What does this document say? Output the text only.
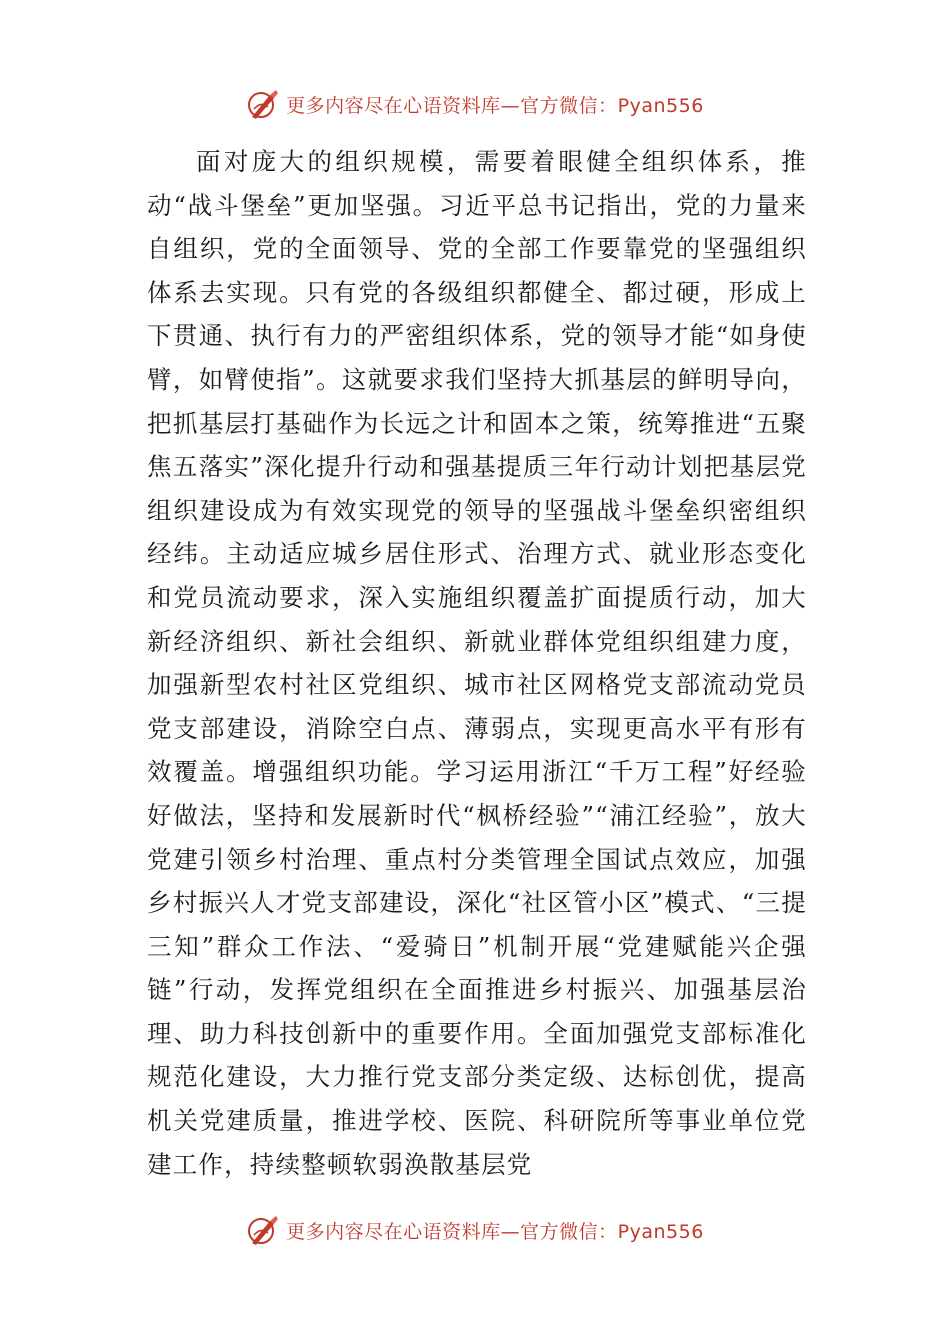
更多内容尽在心语资料库—官方微信：Pyan556

面对庞大的组织规模，需要着眼健全组织体系，推动“战斗堡垒”更加坚强。习近平总书记指出，党的力量来自组织，党的全面领导、党的全部工作要靠党的坚强组织体系去实现。只有党的各级组织都健全、都过硬，形成上下贯通、执行有力的严密组织体系，党的领导才能“如身使臂，如臂使指”。这就要求我们坚持大抓基层的鲜明导向，把抓基层打基础作为长远之计和固本之策，统筹推进“五聚焦五落实”深化提升行动和强基提质三年行动计划把基层党组织建设成为有效实现党的领导的坚强战斗堡垒织密组织经纬。主动适应城乡居住形式、治理方式、就业形态变化和党员流动要求，深入实施组织覆盖扩面提质行动，加大新经济组织、新社会组织、新就业群体党组织组建力度，加强新型农村社区党组织、城市社区网格党支部流动党员党支部建设，消除空白点、薄弱点，实现更高水平有形有效覆盖。增强组织功能。学习运用浙江“千万工程”好经验好做法，坚持和发展新时代“枫桥经验”“浦江经验”，放大党建引领乡村治理、重点村分类管理全国试点效应，加强乡村振兴人才党支部建设，深化“社区管小区”模式、“三提三知”群众工作法、“爱骑日”机制开展“党建赋能兴企强链”行动，发挥党组织在全面推进乡村振兴、加强基层治理、助力科技创新中的重要作用。全面加强党支部标准化规范化建设，大力推行党支部分类定级、达标创优，提高机关党建质量，推进学校、医院、科研院所等事业单位党建工作，持续整顿软弱涣散基层党

更多内容尽在心语资料库—官方微信：Pyan556
